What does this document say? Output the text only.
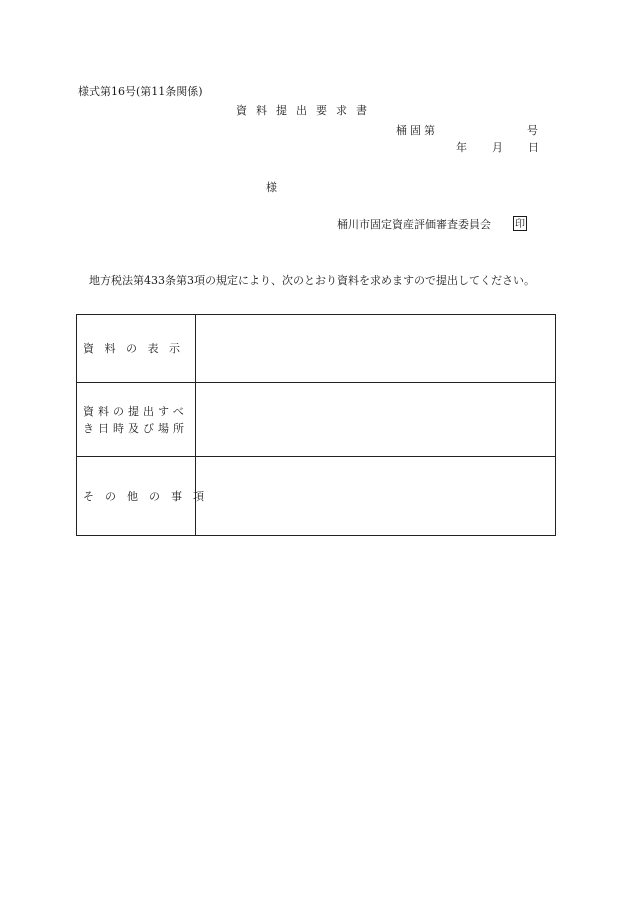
様式第16号(第11条関係)
資料提出要求書
桶固第	号
年 月 日
様
桶川市固定資産評価審査委員会 印
地方税法第433条第3項の規定により、次のとおり資料を求めますので提出してください。
資料の表示	

資料の提出すべ
き日時及び場所	

その他の事項	
